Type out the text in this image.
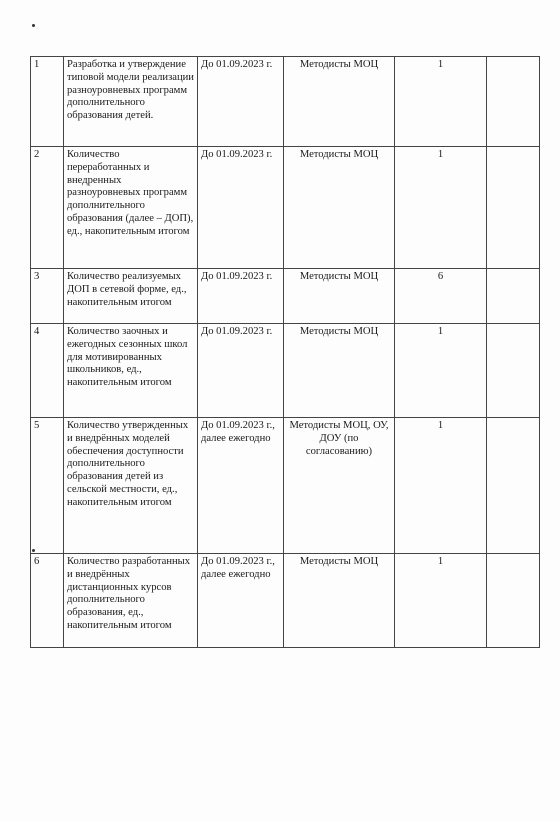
1	Разработка и утверждение типовой модели реализации разноуровневых программ дополнительного образования детей.	До 01.09.2023 г.	Методисты МОЦ	1	
2	Количество переработанных и внедренных разноуровневых программ дополнительного образования (далее – ДОП), ед., накопительным итогом	До 01.09.2023 г.	Методисты МОЦ	1	
3	Количество реализуемых ДОП в сетевой форме, ед., накопительным итогом	До 01.09.2023 г.	Методисты МОЦ	6	
4	Количество заочных и ежегодных сезонных школ для мотивированных школьников, ед., накопительным итогом	До 01.09.2023 г.	Методисты МОЦ	1	
5	Количество утвержденных и внедрённых моделей обеспечения доступности дополнительного образования детей из сельской местности, ед., накопительным итогом	До 01.09.2023 г., далее ежегодно	Методисты МОЦ, ОУ, ДОУ (по согласованию)	1	
6	Количество разработанных и внедрённых дистанционных курсов дополнительного образования, ед., накопительным итогом	До 01.09.2023 г., далее ежегодно	Методисты МОЦ	1	
